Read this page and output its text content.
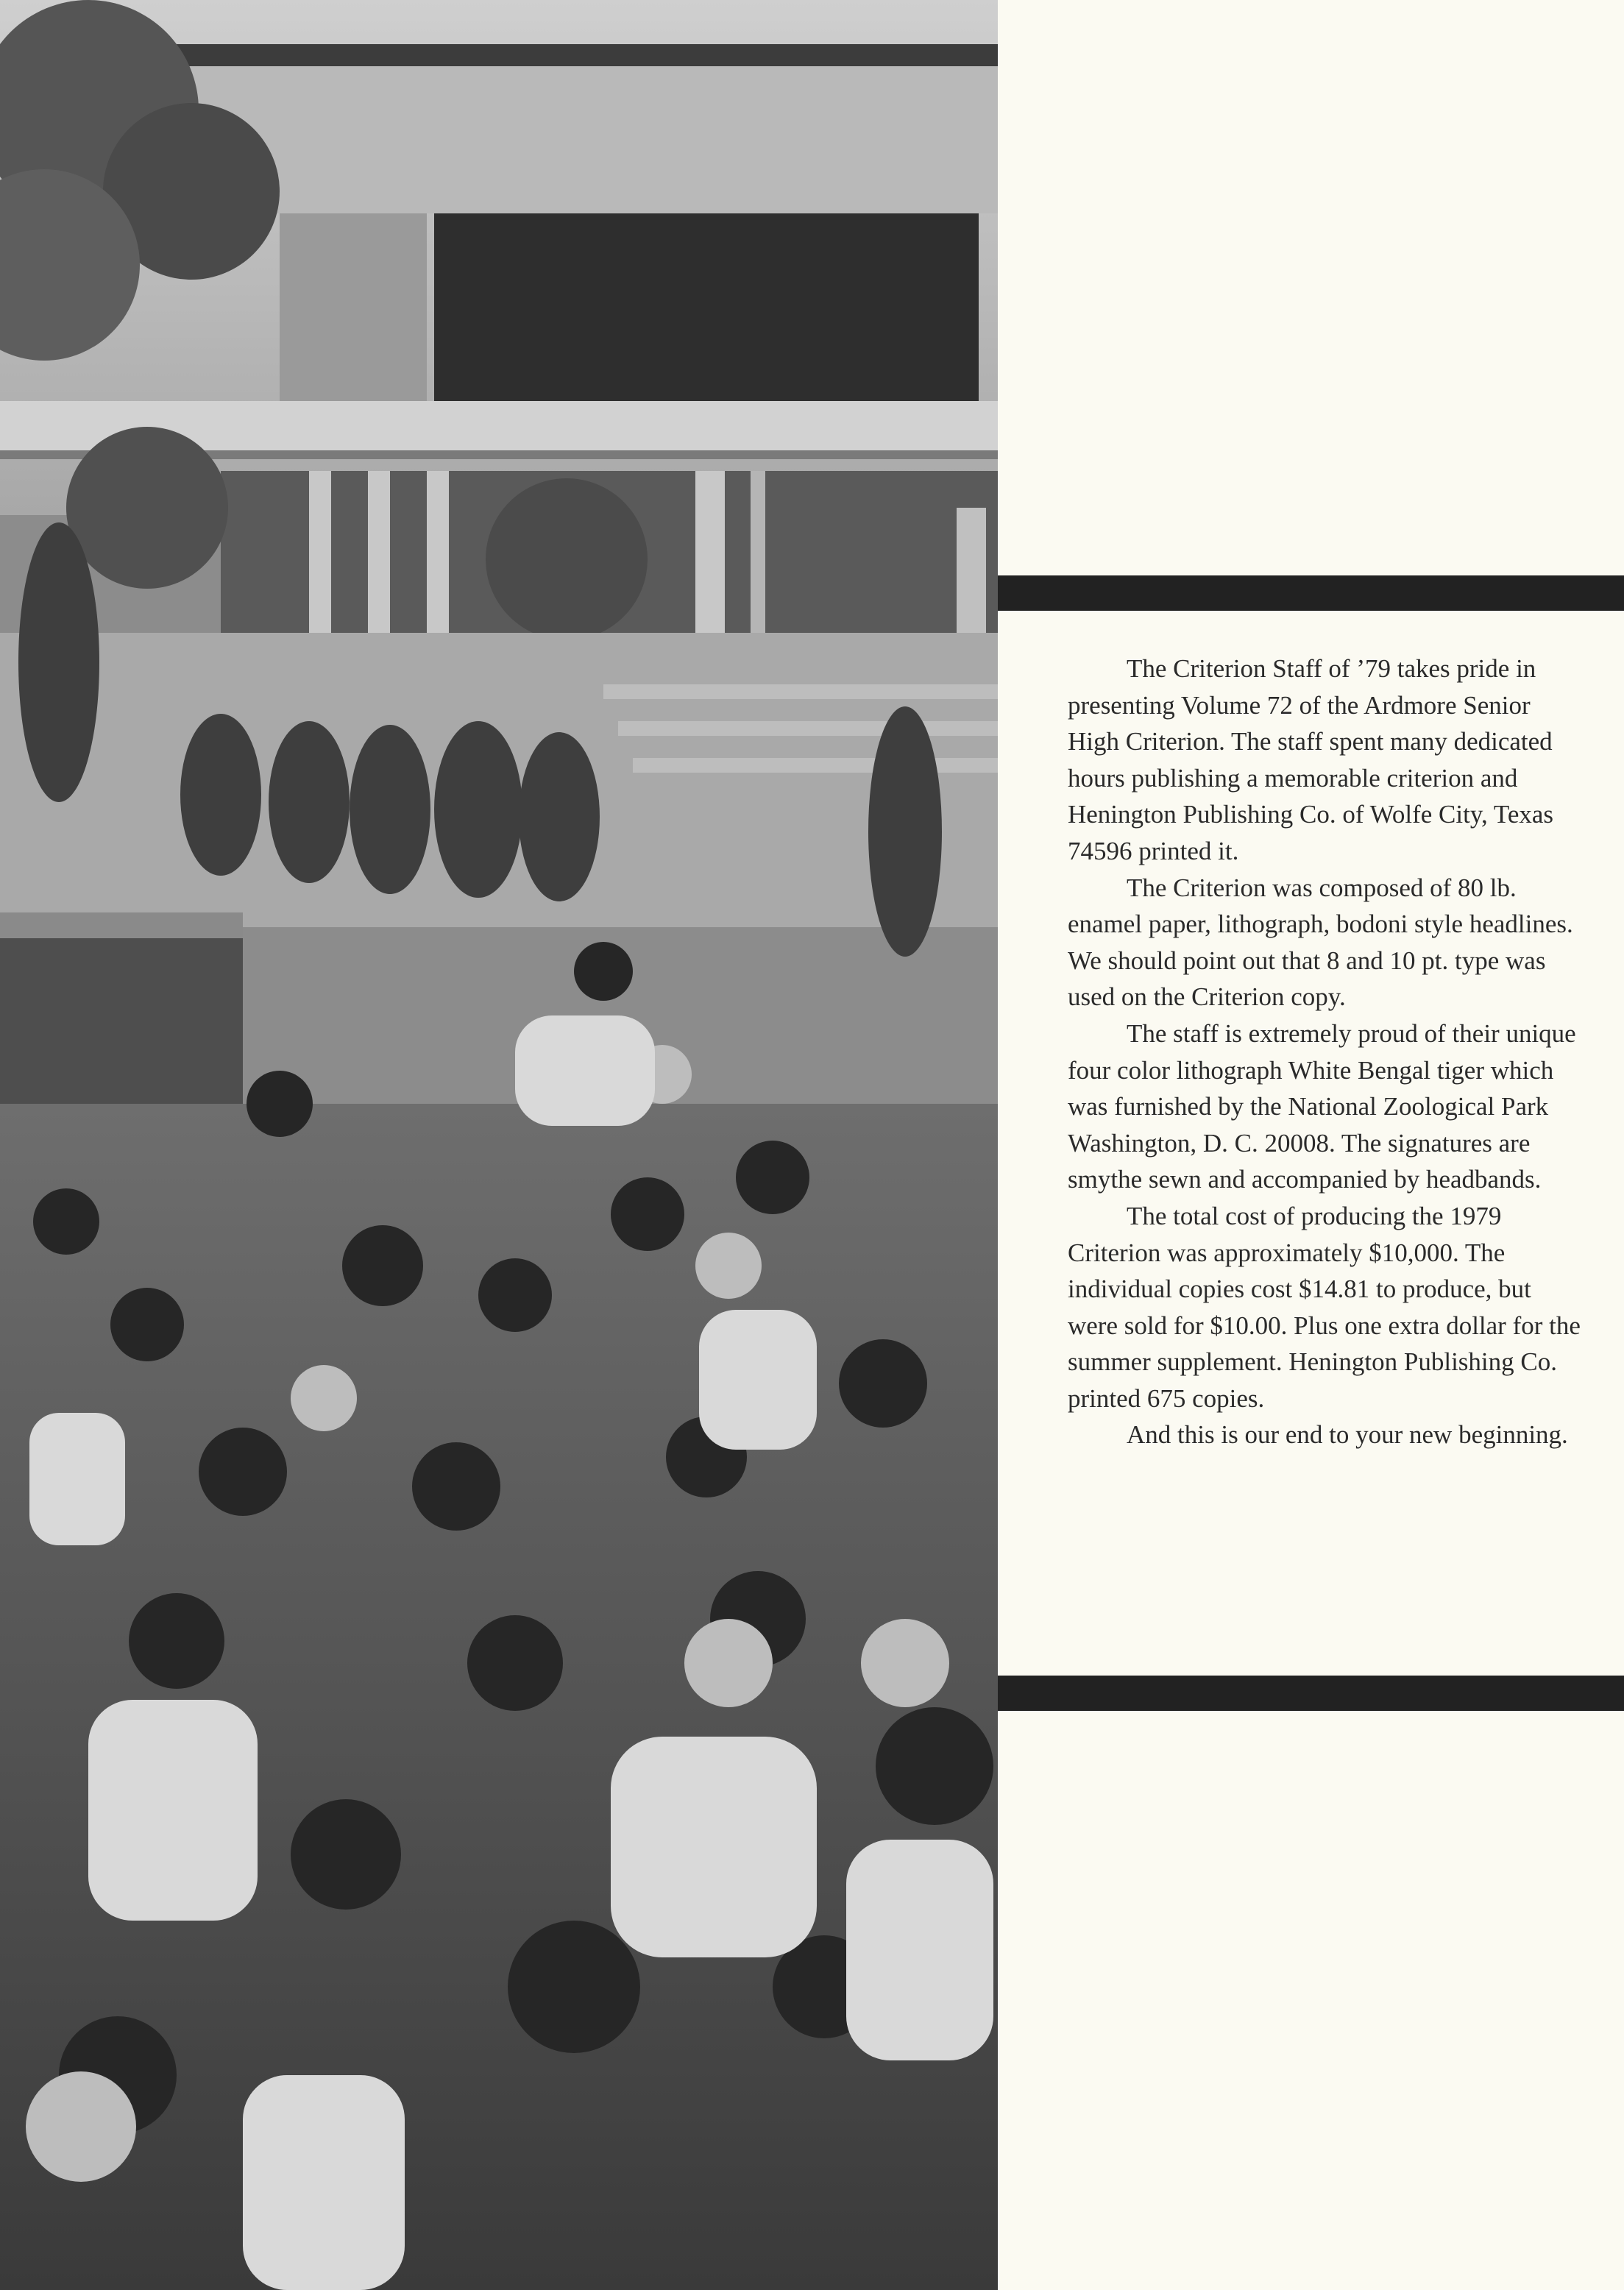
The Criterion Staff of ’79 takes pride in presenting Volume 72 of the Ardmore Senior High Criterion. The staff spent many dedicated hours publishing a memorable criterion and Henington Publishing Co. of Wolfe City, Texas 74596 printed it.

The Criterion was composed of 80 lb. enamel paper, lithograph, bodoni style headlines. We should point out that 8 and 10 pt. type was used on the Criterion copy.

The staff is extremely proud of their unique four color lithograph White Bengal tiger which was furnished by the National Zoological Park Washington, D. C. 20008. The signatures are smythe sewn and accompanied by headbands.

The total cost of producing the 1979 Criterion was approximately $10,000. The individual copies cost $14.81 to produce, but were sold for $10.00. Plus one extra dollar for the summer supplement. Henington Publishing Co. printed 675 copies.

And this is our end to your new beginning.
